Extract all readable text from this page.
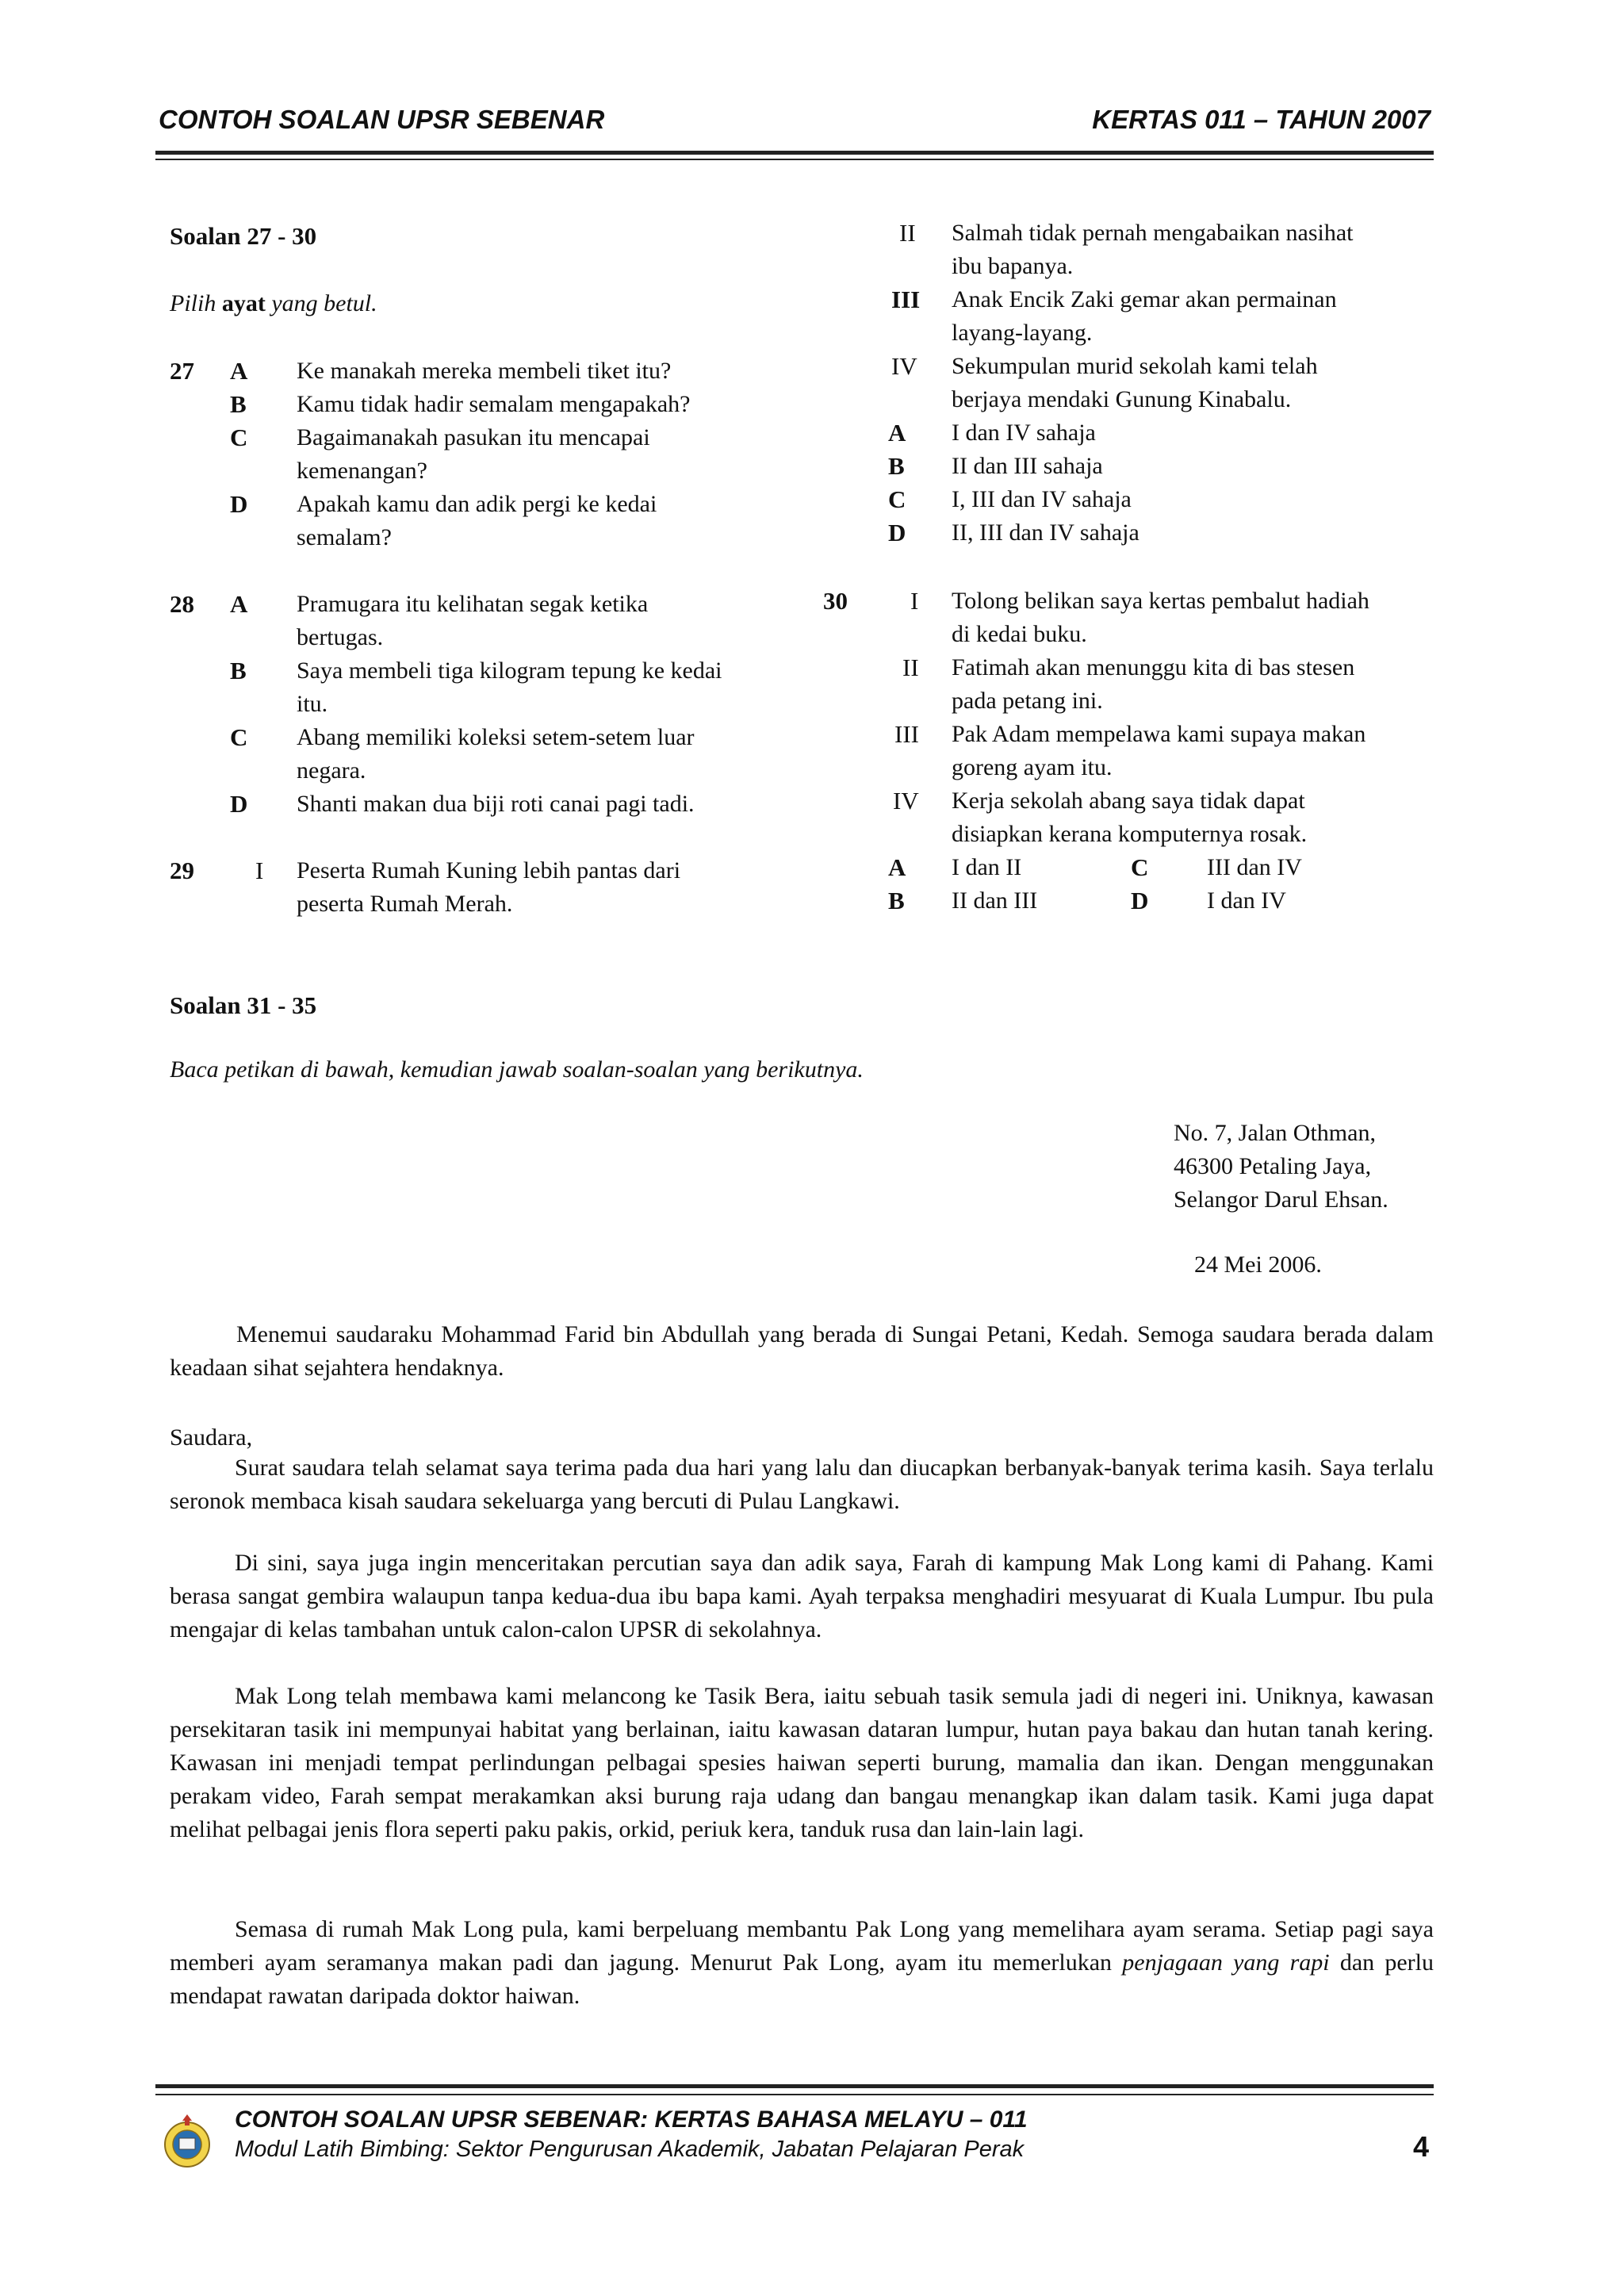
CONTOH SOALAN UPSR SEBENAR	KERTAS 011 – TAHUN 2007
Soalan 27 - 30
Pilih ayat yang betul.
27 A Ke manakah mereka membeli tiket itu?
B Kamu tidak hadir semalam mengapakah?
C Bagaimanakah pasukan itu mencapai
kemenangan?
D Apakah kamu dan adik pergi ke kedai
semalam?
28 A Pramugara itu kelihatan segak ketika
bertugas.
B Saya membeli tiga kilogram tepung ke kedai
itu.
C Abang memiliki koleksi setem-setem luar
negara.
D Shanti makan dua biji roti canai pagi tadi.
29 I Peserta Rumah Kuning lebih pantas dari
peserta Rumah Merah.
II Salmah tidak pernah mengabaikan nasihat
ibu bapanya.
III Anak Encik Zaki gemar akan permainan
layang-layang.
IV Sekumpulan murid sekolah kami telah
berjaya mendaki Gunung Kinabalu.
A I dan IV sahaja
B II dan III sahaja
C I, III dan IV sahaja
D II, III dan IV sahaja
30	I Tolong belikan saya kertas pembalut hadiah
di kedai buku.
II Fatimah akan menunggu kita di bas stesen
pada petang ini.
III Pak Adam mempelawa kami supaya makan
goreng ayam itu.
IV Kerja sekolah abang saya tidak dapat
disiapkan kerana komputernya rosak.
A I dan II	C III dan IV
B II dan III	D I dan IV
Soalan 31 - 35
Baca petikan di bawah, kemudian jawab soalan-soalan yang berikutnya.
No. 7, Jalan Othman,
46300 Petaling Jaya,
Selangor Darul Ehsan.
24 Mei 2006.
Menemui saudaraku Mohammad Farid bin Abdullah yang berada di Sungai Petani, Kedah. Semoga saudara berada dalam keadaan sihat sejahtera hendaknya.
Saudara,
Surat saudara telah selamat saya terima pada dua hari yang lalu dan diucapkan berbanyak-banyak terima kasih. Saya terlalu seronok membaca kisah saudara sekeluarga yang bercuti di Pulau Langkawi.
Di sini, saya juga ingin menceritakan percutian saya dan adik saya, Farah di kampung Mak Long kami di Pahang. Kami berasa sangat gembira walaupun tanpa kedua-dua ibu bapa kami. Ayah terpaksa menghadiri mesyuarat di Kuala Lumpur. Ibu pula mengajar di kelas tambahan untuk calon-calon UPSR di sekolahnya.
Mak Long telah membawa kami melancong ke Tasik Bera, iaitu sebuah tasik semula jadi di negeri ini. Uniknya, kawasan persekitaran tasik ini mempunyai habitat yang berlainan, iaitu kawasan dataran lumpur, hutan paya bakau dan hutan tanah kering. Kawasan ini menjadi tempat perlindungan pelbagai spesies haiwan seperti burung, mamalia dan ikan. Dengan menggunakan perakam video, Farah sempat merakamkan aksi burung raja udang dan bangau menangkap ikan dalam tasik. Kami juga dapat melihat pelbagai jenis flora seperti paku pakis, orkid, periuk kera, tanduk rusa dan lain-lain lagi.
Semasa di rumah Mak Long pula, kami berpeluang membantu Pak Long yang memelihara ayam serama. Setiap pagi saya memberi ayam seramanya makan padi dan jagung. Menurut Pak Long, ayam itu memerlukan penjagaan yang rapi dan perlu mendapat rawatan daripada doktor haiwan.
CONTOH SOALAN UPSR SEBENAR: KERTAS BAHASA MELAYU – 011
Modul Latih Bimbing: Sektor Pengurusan Akademik, Jabatan Pelajaran Perak	4
